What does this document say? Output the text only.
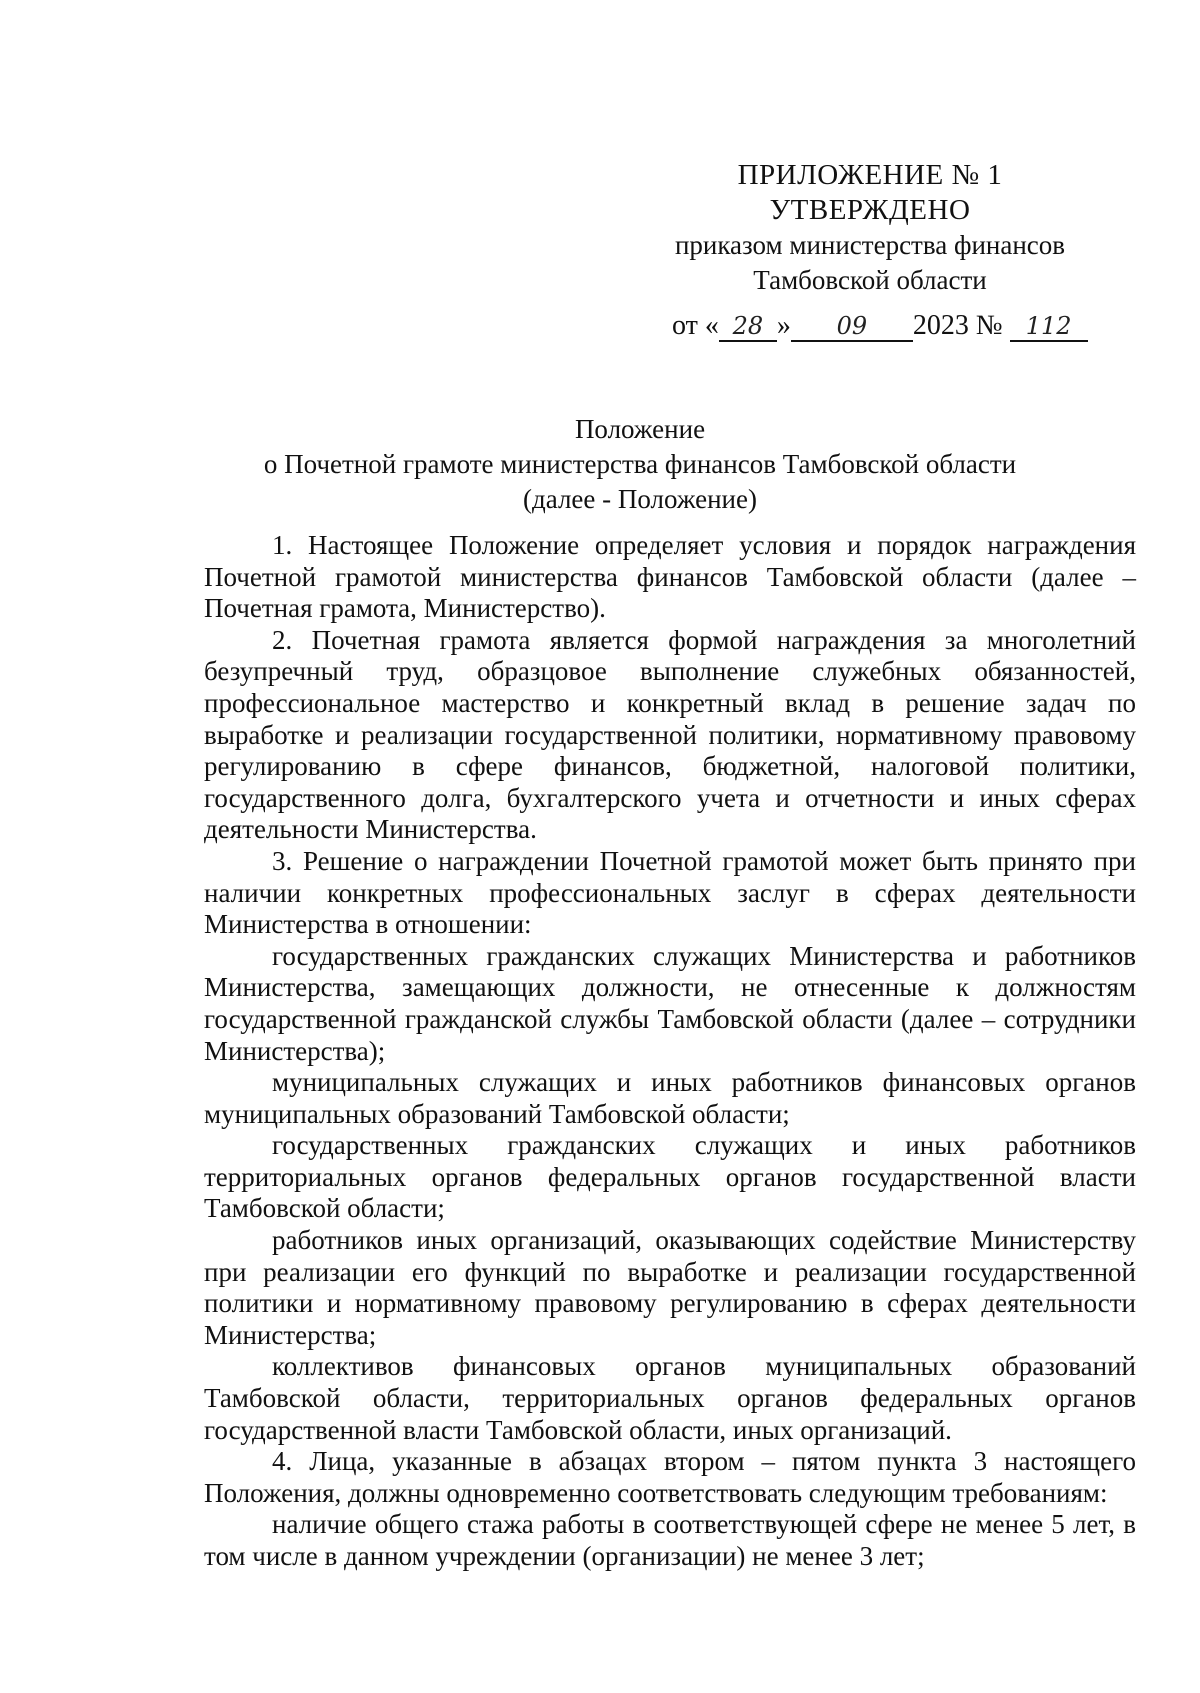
ПРИЛОЖЕНИЕ № 1
УТВЕРЖДЕНО
приказом министерства финансов
Тамбовской области
от « 28 » 09 2023 № 112
Положение
о Почетной грамоте министерства финансов Тамбовской области
(далее - Положение)

1. Настоящее Положение определяет условия и порядок награждения Почетной грамотой министерства финансов Тамбовской области (далее – Почетная грамота, Министерство).

2. Почетная грамота является формой награждения за многолетний безупречный труд, образцовое выполнение служебных обязанностей, профессиональное мастерство и конкретный вклад в решение задач по выработке и реализации государственной политики, нормативному правовому регулированию в сфере финансов, бюджетной, налоговой политики, государственного долга, бухгалтерского учета и отчетности и иных сферах деятельности Министерства.

3. Решение о награждении Почетной грамотой может быть принято при наличии конкретных профессиональных заслуг в сферах деятельности Министерства в отношении:

государственных гражданских служащих Министерства и работников Министерства, замещающих должности, не отнесенные к должностям государственной гражданской службы Тамбовской области (далее – сотрудники Министерства);

муниципальных служащих и иных работников финансовых органов муниципальных образований Тамбовской области;

государственных гражданских служащих и иных работников территориальных органов федеральных органов государственной власти Тамбовской области;

работников иных организаций, оказывающих содействие Министерству при реализации его функций по выработке и реализации государственной политики и нормативному правовому регулированию в сферах деятельности Министерства;

коллективов финансовых органов муниципальных образований Тамбовской области, территориальных органов федеральных органов государственной власти Тамбовской области, иных организаций.

4. Лица, указанные в абзацах втором – пятом пункта 3 настоящего Положения, должны одновременно соответствовать следующим требованиям:

наличие общего стажа работы в соответствующей сфере не менее 5 лет, в том числе в данном учреждении (организации) не менее 3 лет;
